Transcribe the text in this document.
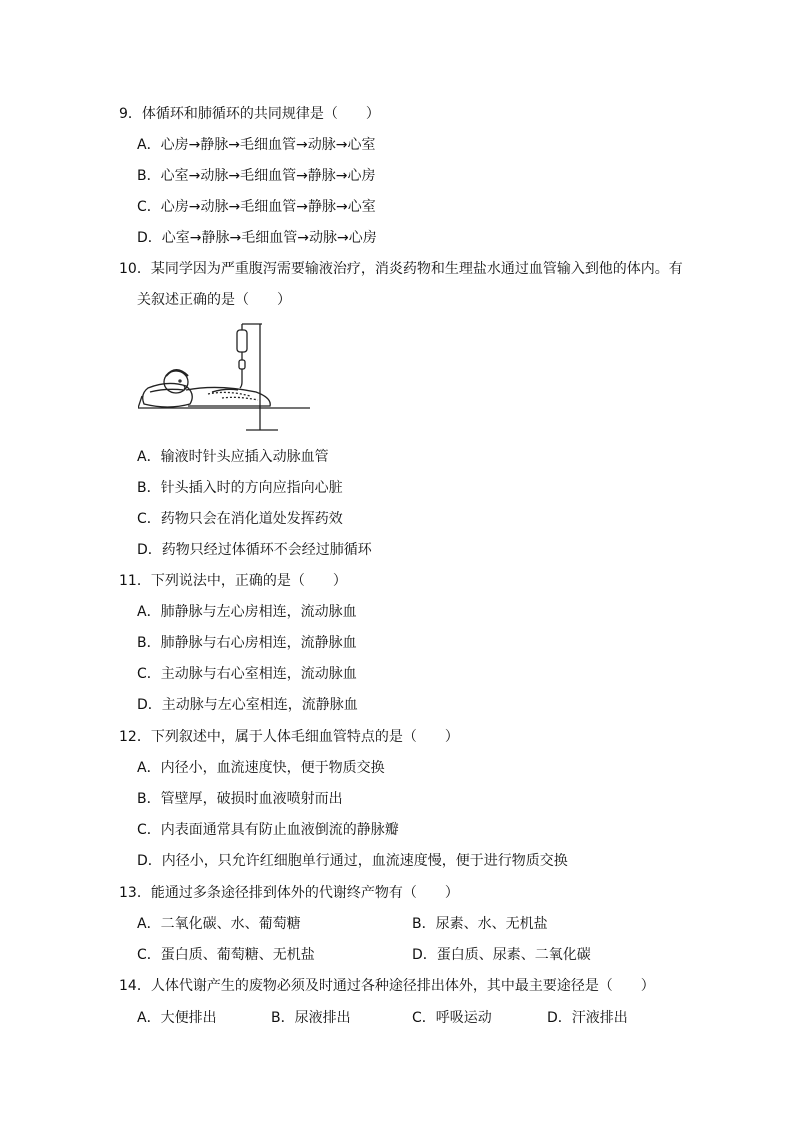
9．体循环和肺循环的共同规律是（　　）
A．心房→静脉→毛细血管→动脉→心室
B．心室→动脉→毛细血管→静脉→心房
C．心房→动脉→毛细血管→静脉→心室
D．心室→静脉→毛细血管→动脉→心房
10．某同学因为严重腹泻需要输液治疗，消炎药物和生理盐水通过血管输入到他的体内。有
关叙述正确的是（　　）
A．输液时针头应插入动脉血管
B．针头插入时的方向应指向心脏
C．药物只会在消化道处发挥药效
D．药物只经过体循环不会经过肺循环
11．下列说法中，正确的是（　　）
A．肺静脉与左心房相连，流动脉血
B．肺静脉与右心房相连，流静脉血
C．主动脉与右心室相连，流动脉血
D．主动脉与左心室相连，流静脉血
12．下列叙述中，属于人体毛细血管特点的是（　　）
A．内径小，血流速度快，便于物质交换
B．管壁厚，破损时血液喷射而出
C．内表面通常具有防止血液倒流的静脉瓣
D．内径小，只允许红细胞单行通过，血流速度慢，便于进行物质交换
13．能通过多条途径排到体外的代谢终产物有（　　）
A．二氧化碳、水、葡萄糖	B．尿素、水、无机盐
C．蛋白质、葡萄糖、无机盐	D．蛋白质、尿素、二氧化碳
14．人体代谢产生的废物必须及时通过各种途径排出体外，其中最主要途径是（　　）
A．大便排出	B．尿液排出	C．呼吸运动	D．汗液排出
